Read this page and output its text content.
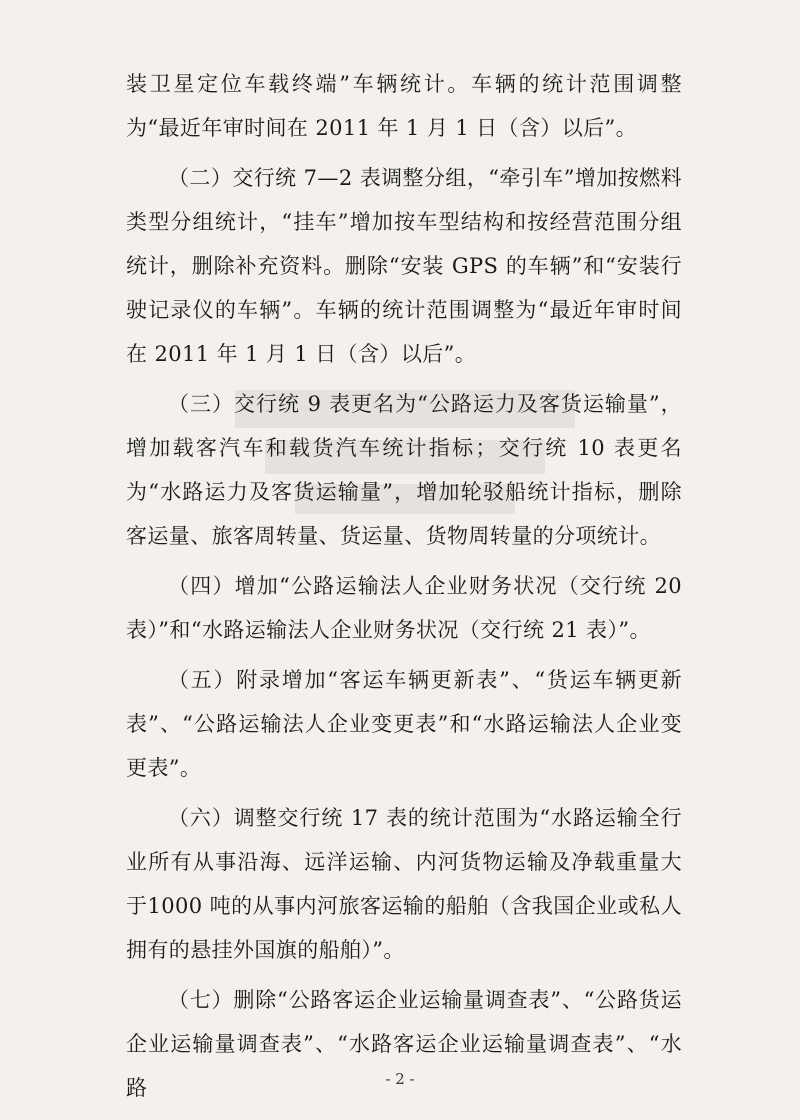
装卫星定位车载终端”车辆统计。车辆的统计范围调整为“最近年审时间在 2011 年 1 月 1 日（含）以后”。

（二）交行统 7—2 表调整分组，“牵引车”增加按燃料类型分组统计，“挂车”增加按车型结构和按经营范围分组统计，删除补充资料。删除“安装 GPS 的车辆”和“安装行驶记录仪的车辆”。车辆的统计范围调整为“最近年审时间在 2011 年 1 月 1 日（含）以后”。

（三）交行统 9 表更名为“公路运力及客货运输量”，增加载客汽车和载货汽车统计指标；交行统 10 表更名为“水路运力及客货运输量”，增加轮驳船统计指标，删除客运量、旅客周转量、货运量、货物周转量的分项统计。

（四）增加“公路运输法人企业财务状况（交行统 20 表）”和“水路运输法人企业财务状况（交行统 21 表）”。

（五）附录增加“客运车辆更新表”、“货运车辆更新表”、“公路运输法人企业变更表”和“水路运输法人企业变更表”。

（六）调整交行统 17 表的统计范围为“水路运输全行业所有从事沿海、远洋运输、内河货物运输及净载重量大于1000 吨的从事内河旅客运输的船舶（含我国企业或私人拥有的悬挂外国旗的船舶）”。

（七）删除“公路客运企业运输量调查表”、“公路货运企业运输量调查表”、“水路客运企业运输量调查表”、“水路	- 2 -
